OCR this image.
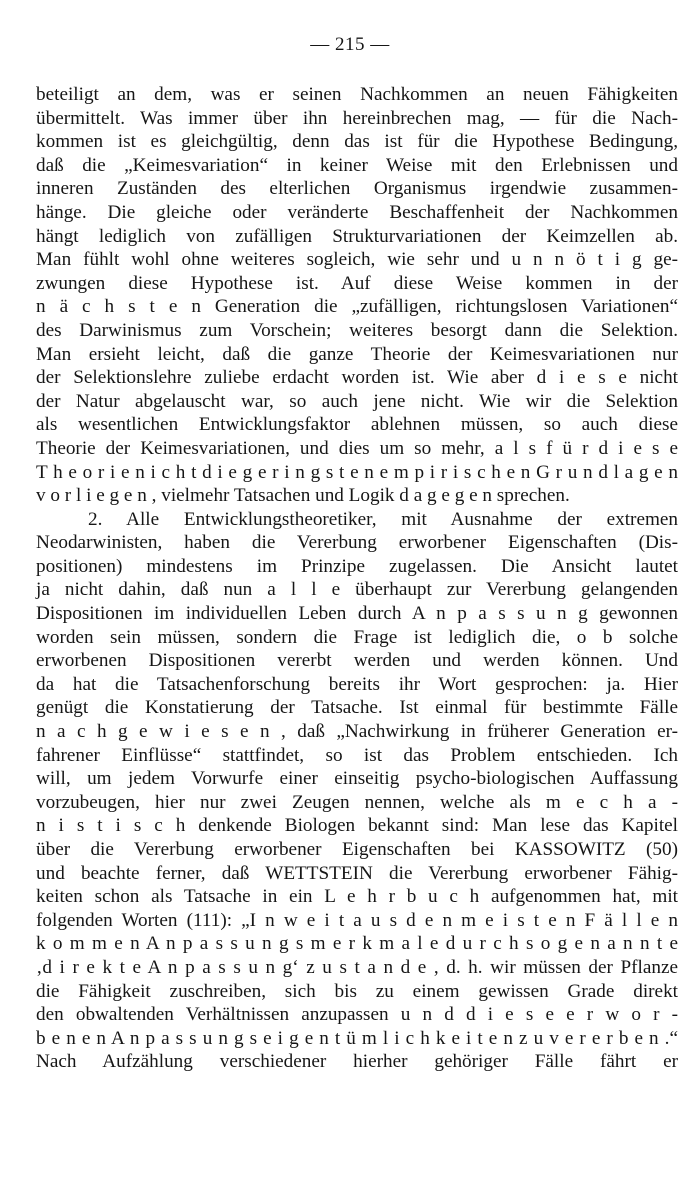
— 215 —
beteiligt an dem, was er seinen Nachkommen an neuen Fähigkeiten
übermittelt. Was immer über ihn hereinbrechen mag, — für die Nach-
kommen ist es gleichgültig, denn das ist für die Hypothese Bedingung,
daß die „Keimesvariation“ in keiner Weise mit den Erlebnissen und
inneren Zuständen des elterlichen Organismus irgendwie zusammen-
hänge. Die gleiche oder veränderte Beschaffenheit der Nachkommen
hängt lediglich von zufälligen Strukturvariationen der Keimzellen ab.
Man fühlt wohl ohne weiteres sogleich, wie sehr und u n n ö t i g ge-
zwungen diese Hypothese ist. Auf diese Weise kommen in der
n ä c h s t e n Generation die „zufälligen, richtungslosen Variationen“
des Darwinismus zum Vorschein; weiteres besorgt dann die Selektion.
Man ersieht leicht, daß die ganze Theorie der Keimesvariationen nur
der Selektionslehre zuliebe erdacht worden ist. Wie aber d i e s e nicht
der Natur abgelauscht war, so auch jene nicht. Wie wir die Selektion
als wesentlichen Entwicklungsfaktor ablehnen müssen, so auch diese
Theorie der Keimesvariationen, und dies um so mehr, a l s f ü r d i e s e
T h e o r i e n i c h t d i e g e r i n g s t e n e m p i r i s c h e n G r u n d l a g e n
v o r l i e g e n , vielmehr Tatsachen und Logik d a g e g e n sprechen.
2. Alle Entwicklungstheoretiker, mit Ausnahme der extremen
Neodarwinisten, haben die Vererbung erworbener Eigenschaften (Dis-
positionen) mindestens im Prinzipe zugelassen. Die Ansicht lautet
ja nicht dahin, daß nun a l l e überhaupt zur Vererbung gelangenden
Dispositionen im individuellen Leben durch A n p a s s u n g gewonnen
worden sein müssen, sondern die Frage ist lediglich die, o b solche
erworbenen Dispositionen vererbt werden und werden können. Und
da hat die Tatsachenforschung bereits ihr Wort gesprochen: ja. Hier
genügt die Konstatierung der Tatsache. Ist einmal für bestimmte Fälle
n a c h g e w i e s e n , daß „Nachwirkung in früherer Generation er-
fahrener Einflüsse“ stattfindet, so ist das Problem entschieden. Ich
will, um jedem Vorwurfe einer einseitig psycho-biologischen Auffassung
vorzubeugen, hier nur zwei Zeugen nennen, welche als m e c h a -
n i s t i s c h denkende Biologen bekannt sind: Man lese das Kapitel
über die Vererbung erworbener Eigenschaften bei KASSOWITZ (50)
und beachte ferner, daß WETTSTEIN die Vererbung erworbener Fähig-
keiten schon als Tatsache in ein L e h r b u c h aufgenommen hat, mit
folgenden Worten (111): „I n w e i t a u s d e n m e i s t e n F ä l l e n
k o m m e n A n p a s s u n g s m e r k m a l e d u r c h s o g e n a n n t e
‚d i r e k t e A n p a s s u n g‘ z u s t a n d e , d. h. wir müssen der Pflanze
die Fähigkeit zuschreiben, sich bis zu einem gewissen Grade direkt
den obwaltenden Verhältnissen anzupassen u n d d i e s e e r w o r -
b e n e n A n p a s s u n g s e i g e n t ü m l i c h k e i t e n z u v e r e r b e n .“
Nach Aufzählung verschiedener hierher gehöriger Fälle fährt er
